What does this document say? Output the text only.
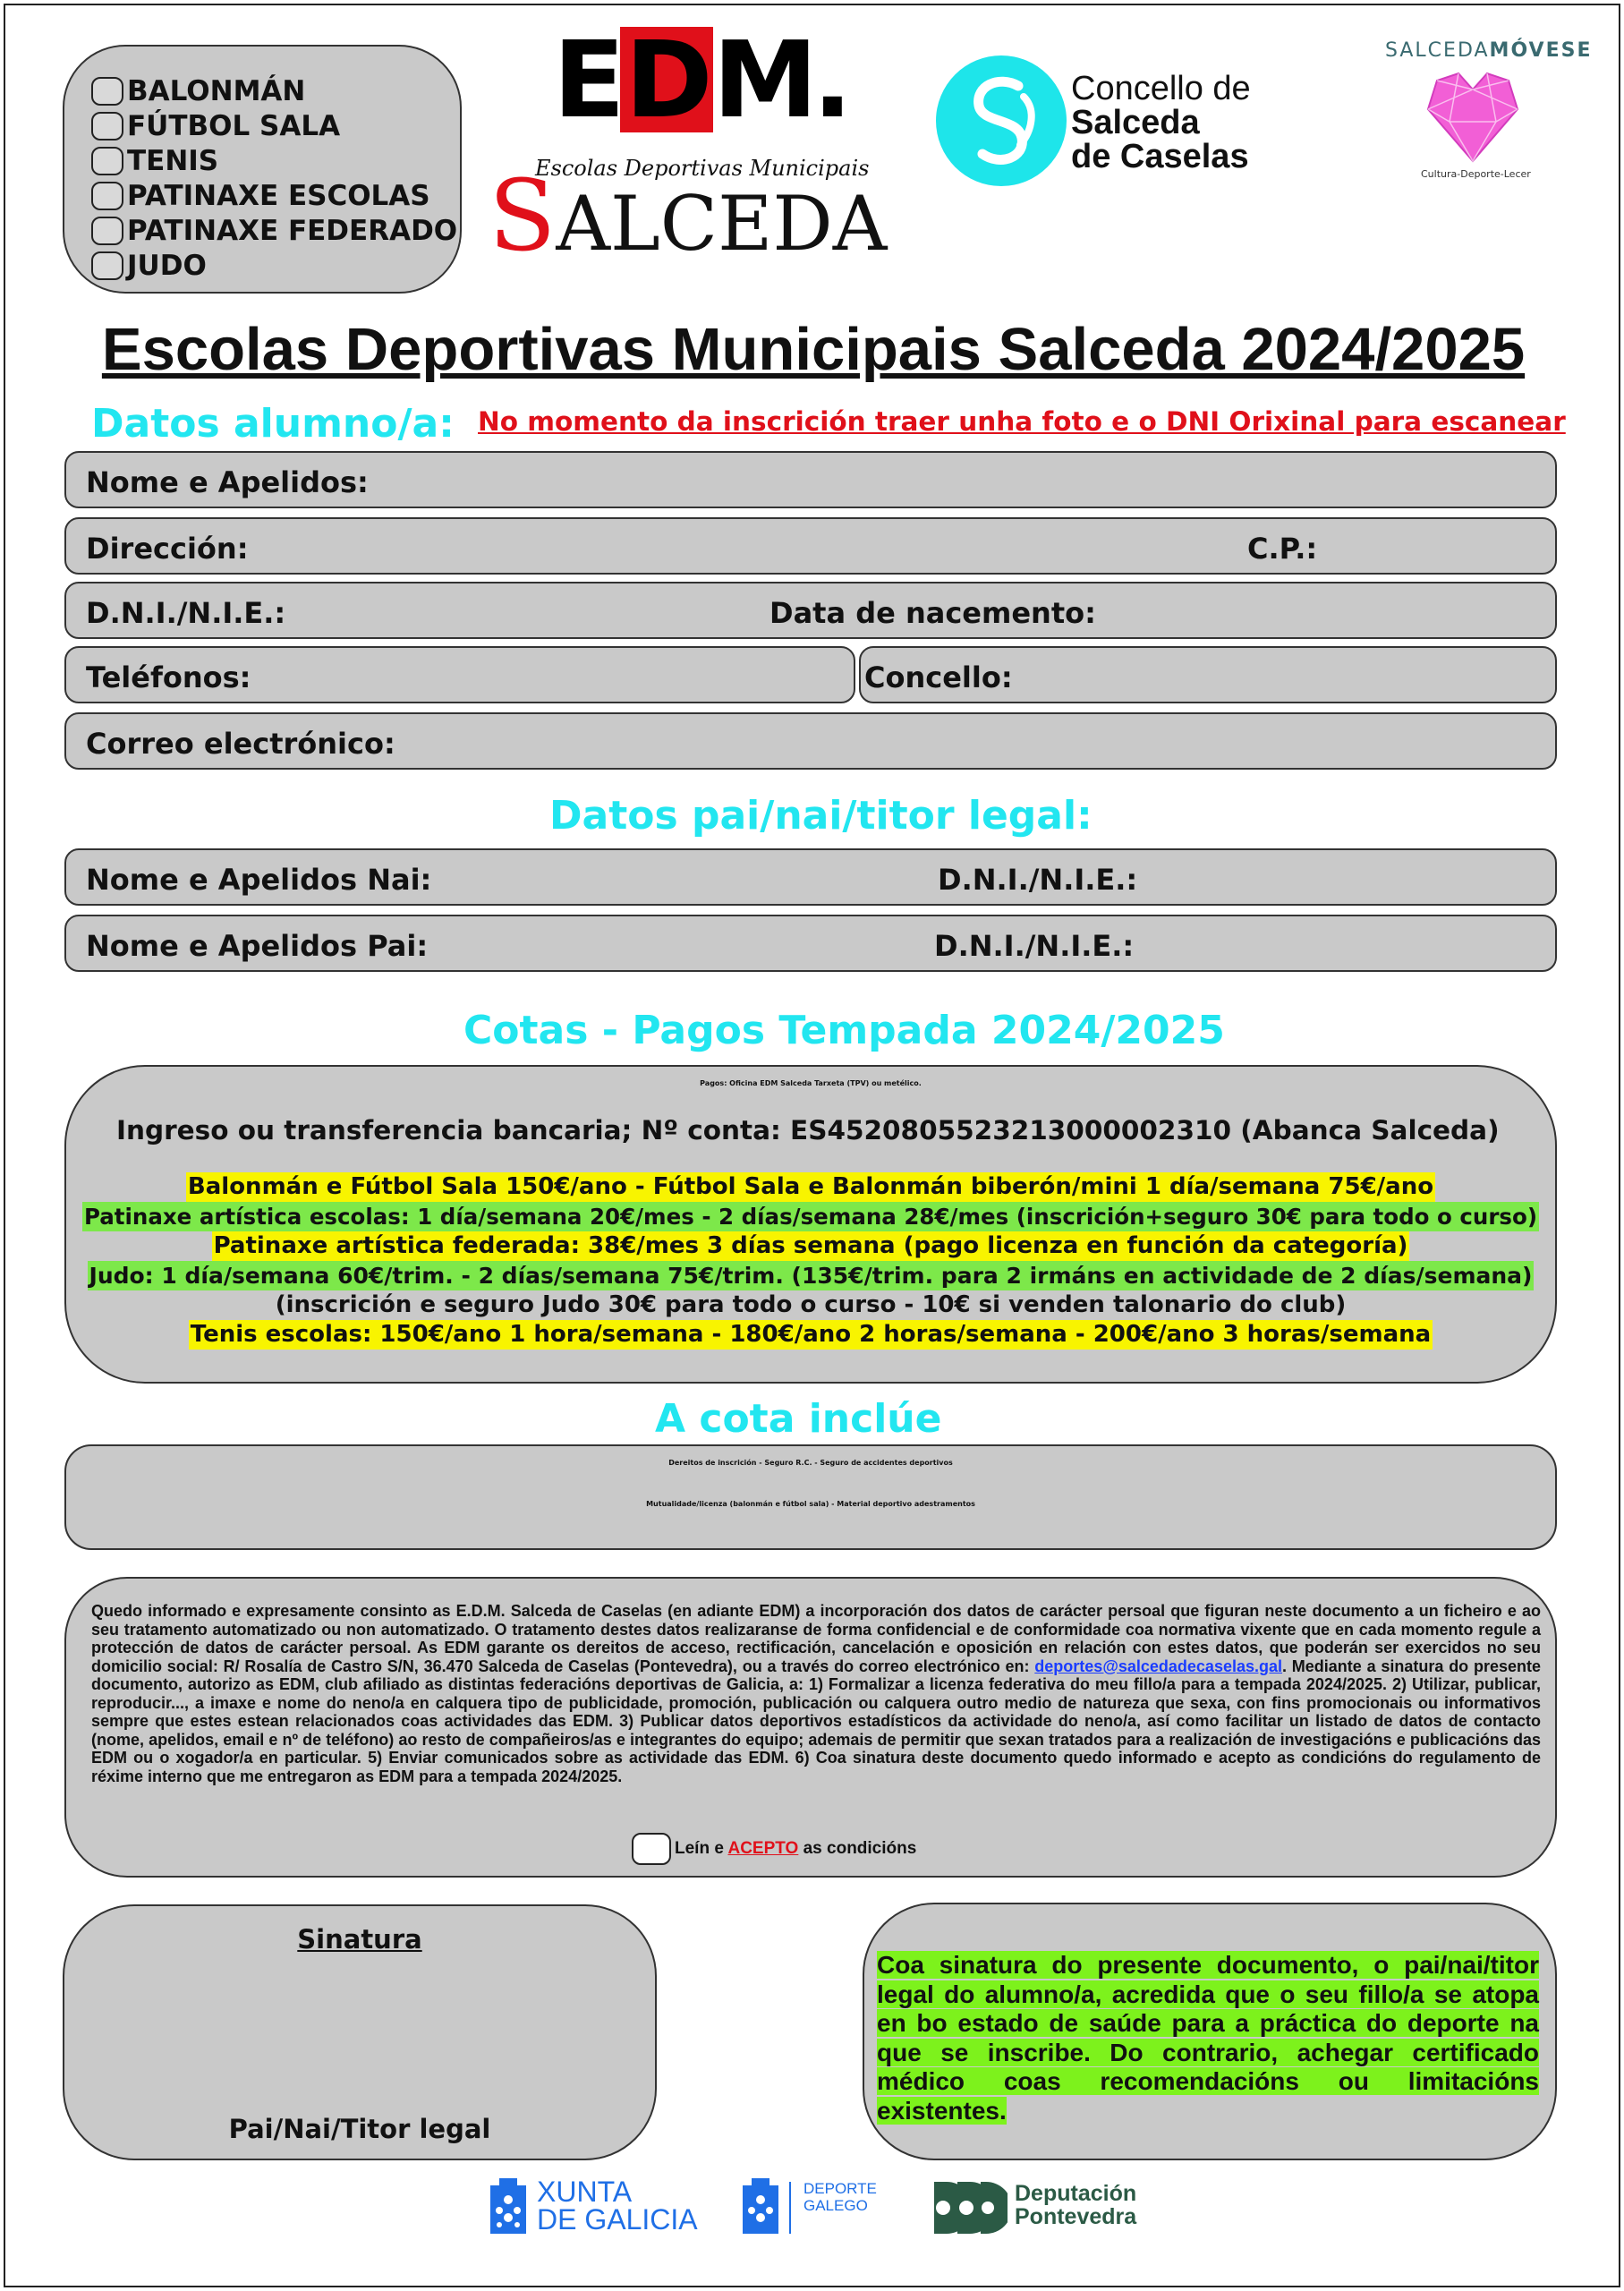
BALONMÁN
FÚTBOL SALA
TENIS
PATINAXE ESCOLAS
PATINAXE FEDERADO
JUDO
EDM.
Escolas Deportivas Municipais
SALCEDA
Concello de
Salceda
de Caselas
SALCEDAMÓVESE
Cultura-Deporte-Lecer
Escolas Deportivas Municipais Salceda 2024/2025
Datos alumno/a: No momento da inscrición traer unha foto e o DNI Orixinal para escanear
Nome e Apelidos:
Dirección:	C.P.:
D.N.I./N.I.E.:	Data de nacemento:
Teléfonos:	Concello:
Correo electrónico:
Datos pai/nai/titor legal:
Nome e Apelidos Nai:	D.N.I./N.I.E.:
Nome e Apelidos Pai:	D.N.I./N.I.E.:
Cotas - Pagos Tempada 2024/2025
Pagos: Oficina EDM Salceda Tarxeta (TPV) ou metélico.
Ingreso ou transferencia bancaria; Nº conta: ES4520805523213000002310 (Abanca Salceda)
Balonmán e Fútbol Sala 150€/ano - Fútbol Sala e Balonmán biberón/mini 1 día/semana 75€/ano
Patinaxe artística escolas: 1 día/semana 20€/mes - 2 días/semana 28€/mes (inscrición+seguro 30€ para todo o curso)
Patinaxe artística federada: 38€/mes 3 días semana (pago licenza en función da categoría)
Judo: 1 día/semana 60€/trim. - 2 días/semana 75€/trim. (135€/trim. para 2 irmáns en actividade de 2 días/semana)
(inscrición e seguro Judo 30€ para todo o curso - 10€ si venden talonario do club)
Tenis escolas: 150€/ano 1 hora/semana - 180€/ano 2 horas/semana - 200€/ano 3 horas/semana
A cota inclúe
Dereitos de inscrición - Seguro R.C. - Seguro de accidentes deportivos
Mutualidade/licenza (balonmán e fútbol sala) - Material deportivo adestramentos
Quedo informado e expresamente consinto as E.D.M. Salceda de Caselas (en adiante EDM) a incorporación dos datos de carácter persoal que figuran neste documento a un ficheiro e ao seu tratamento automatizado ou non automatizado. O tratamento destes datos realizaranse de forma confidencial e de conformidade coa normativa vixente que en cada momento regule a protección de datos de carácter persoal. As EDM garante os dereitos de acceso, rectificación, cancelación e oposición en relación con estes datos, que poderán ser exercidos no seu domicilio social: R/ Rosalía de Castro S/N, 36.470 Salceda de Caselas (Pontevedra), ou a través do correo electrónico en: deportes@salcedadecaselas.gal. Mediante a sinatura do presente documento, autorizo as EDM, club afiliado as distintas federacións deportivas de Galicia, a: 1) Formalizar a licenza federativa do meu fillo/a para a tempada 2024/2025. 2) Utilizar, publicar, reproducir..., a imaxe e nome do neno/a en calquera tipo de publicidade, promoción, publicación ou calquera outro medio de natureza que sexa, con fins promocionais ou informativos sempre que estes estean relacionados coas actividades das EDM. 3) Publicar datos deportivos estadísticos da actividade do neno/a, así como facilitar un listado de datos de contacto (nome, apelidos, email e nº de teléfono) ao resto de compañeiros/as e integrantes do equipo; ademais de permitir que sexan tratados para a realización de investigacións e publicacións das EDM ou o xogador/a en particular. 5) Enviar comunicados sobre as actividade das EDM. 6) Coa sinatura deste documento quedo informado e acepto as condicións do regulamento de réxime interno que me entregaron as EDM para a tempada 2024/2025.
Leín e ACEPTO as condicións
Sinatura
Pai/Nai/Titor legal
Coa sinatura do presente documento, o pai/nai/titor legal do alumno/a, acredida que o seu fillo/a se atopa en bo estado de saúde para a práctica do deporte na que se inscribe. Do contrario, achegar certificado médico coas recomendacións ou limitacións existentes.
XUNTA
DE GALICIA
DEPORTE
GALEGO	Deputación
Pontevedra
